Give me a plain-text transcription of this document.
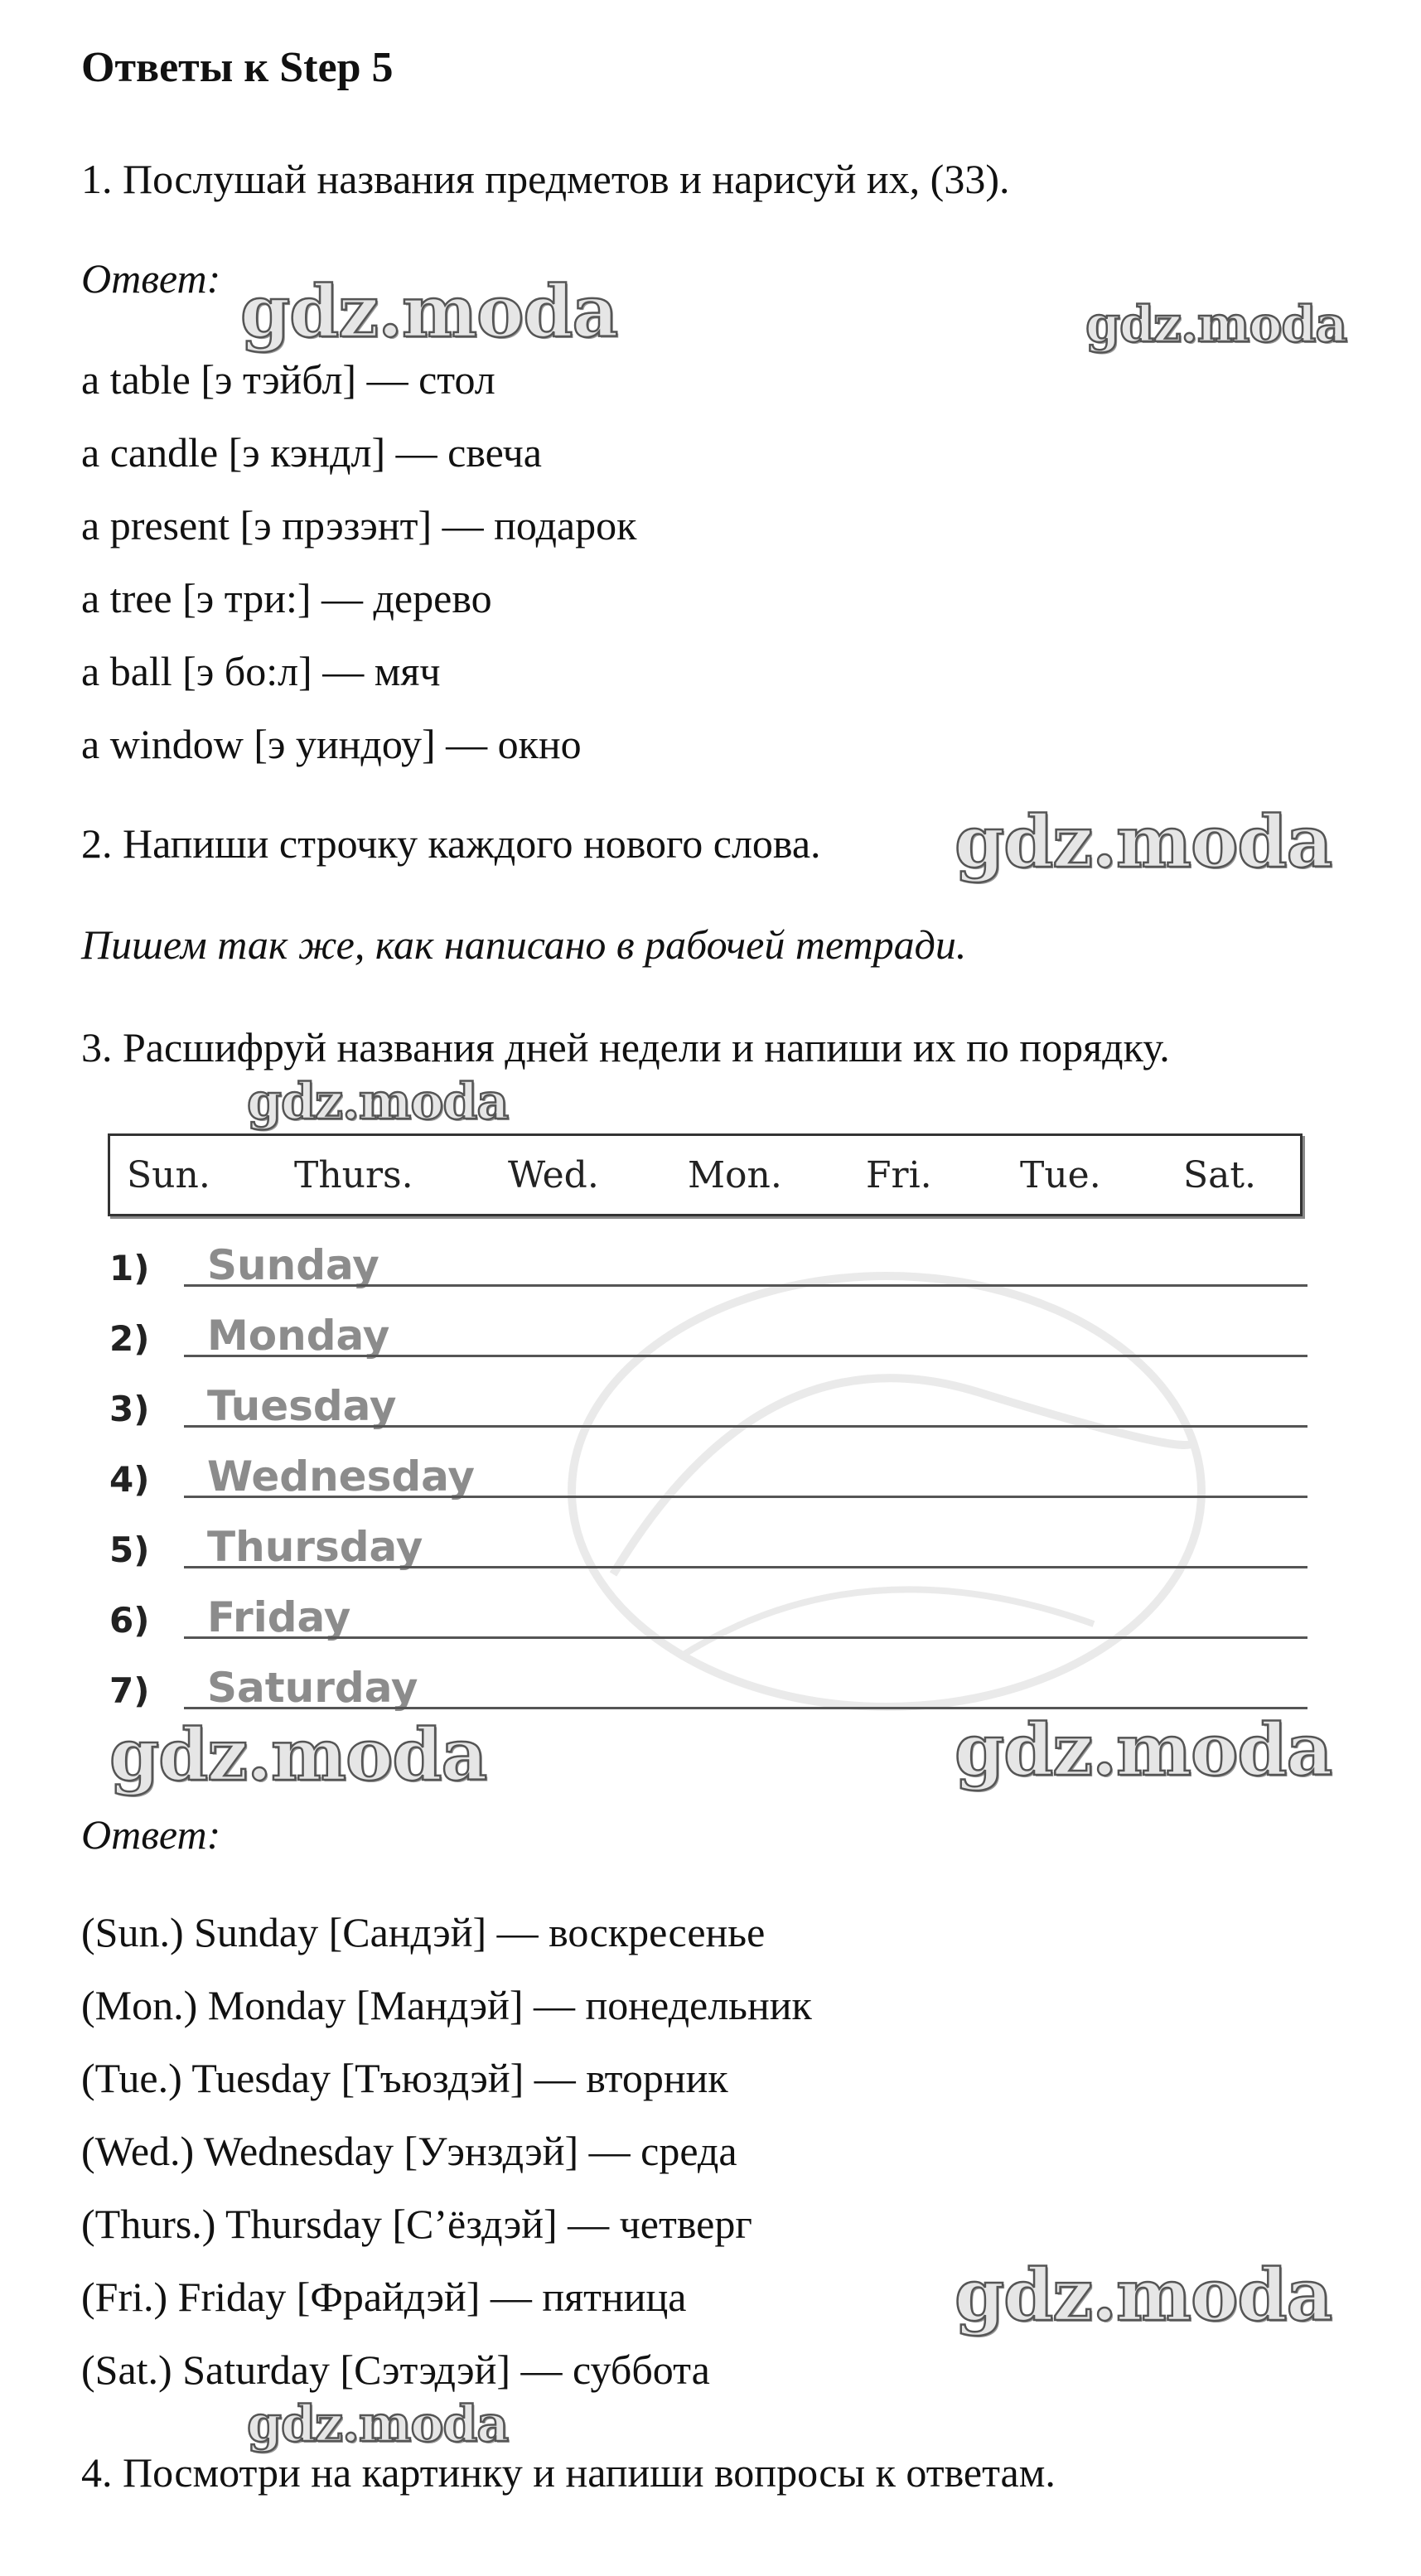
Ответы к Step 5
1. Послушай названия предметов и нарисуй их, (33).
Ответ: gdz.moda	gdz.moda
a table [э тэйбл] — стол
a candle [э кэндл] — свеча
a present [э прэзэнт] — подарок
a tree [э три:] — дерево
a ball [э бо:л] — мяч
a window [э уиндоу] — окно
2. Напиши строчку каждого нового слова. gdz.moda
Пишем так же, как написано в рабочей тетради.
3. Расшифруй названия дней недели и напиши их по порядку.
gdz.moda
Sun. Thurs.	Wed. Mon. Fri. Tue. Sat.
1) Sunday
2) Monday
3) Tuesday
4) Wednesday
5) Thursday
6) Friday
7) Saturday
gdz.moda	gdz.moda
Ответ:
(Sun.) Sunday [Сандэй] — воскресенье
(Mon.) Monday [Мандэй] — понедельник
(Tue.) Tuesday [Тъюздэй] — вторник
(Wed.) Wednesday [Уэнздэй] — среда
(Thurs.) Thursday [С’ёздэй] — четверг
(Fri.) Friday [Фрайдэй] — пятница	gdz.moda
(Sat.) Saturday [Сэтэдэй] — суббота
gdz.moda
4. Посмотри на картинку и напиши вопросы к ответам.
